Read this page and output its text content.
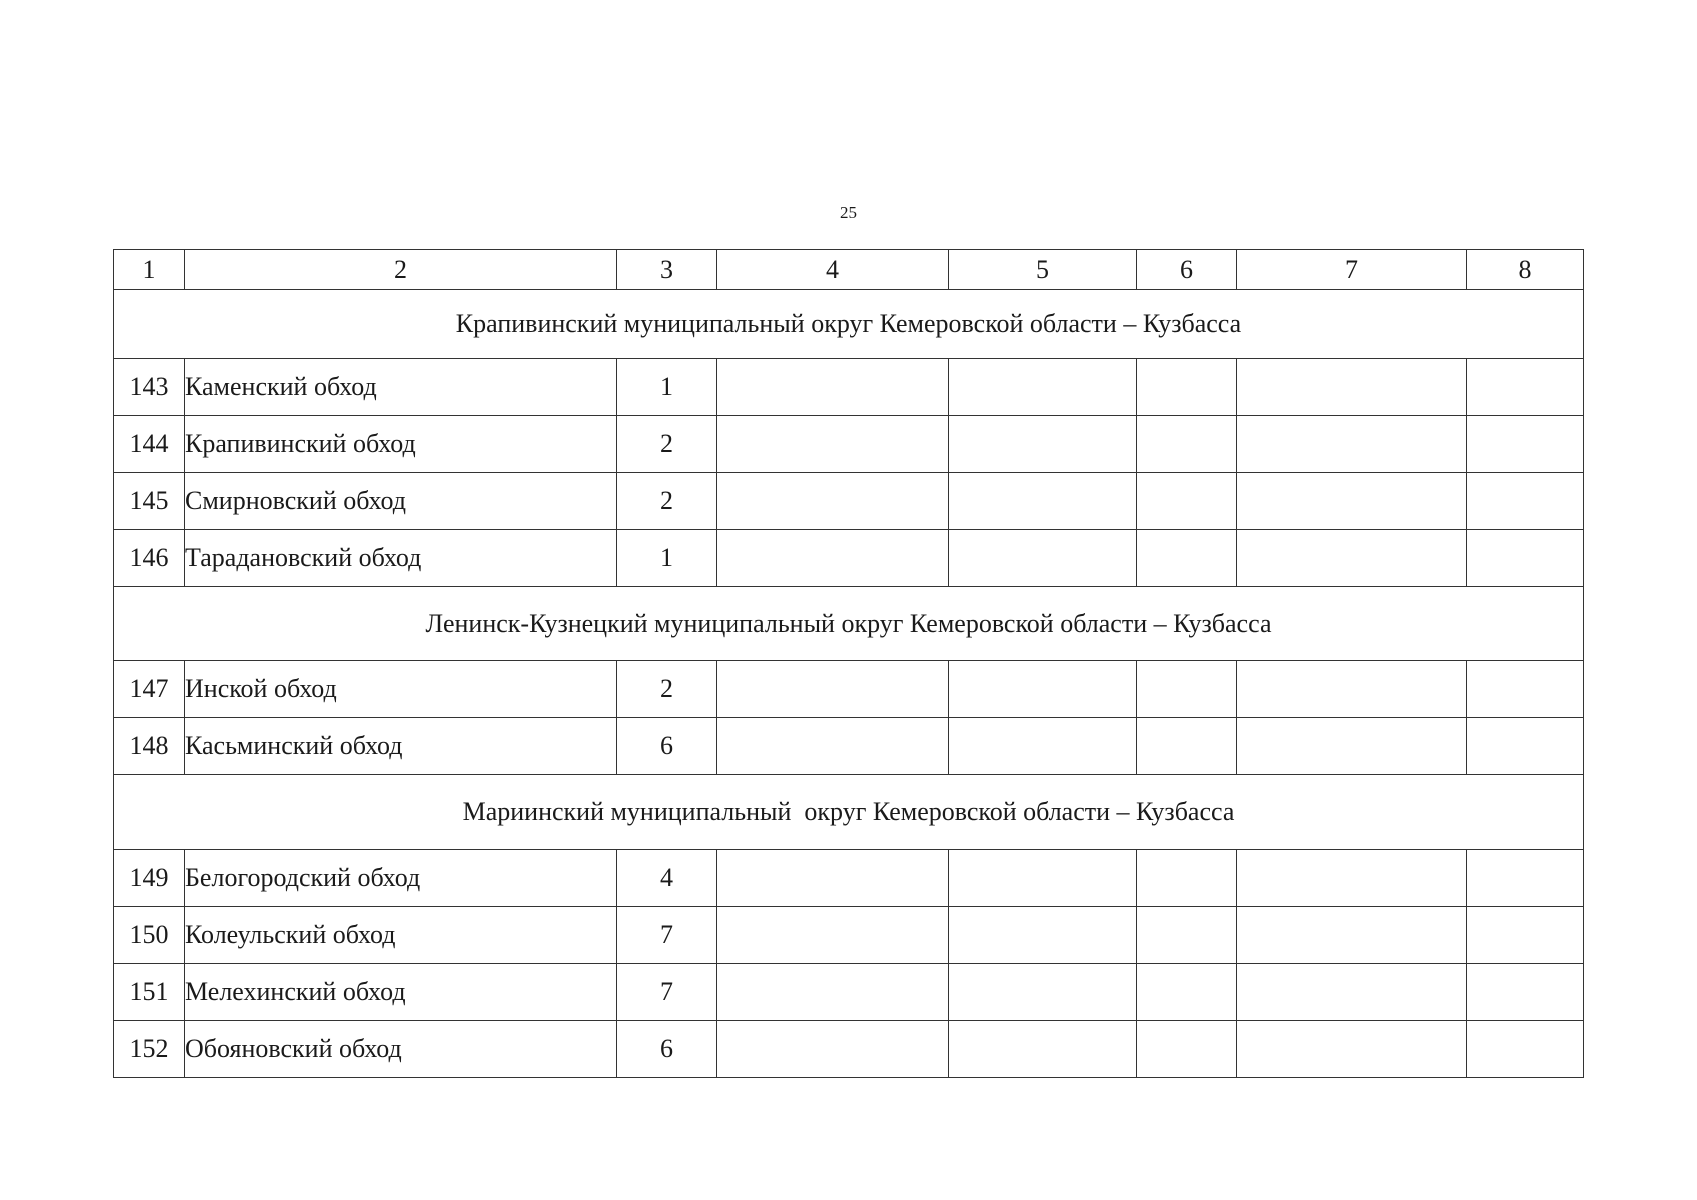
25
1	2	3	4	5	6	7	8
Крапивинский муниципальный округ Кемеровской области – Кузбасса							
143	Каменский обход	1					
144	Крапивинский обход	2					
145	Смирновский обход	2					
146	Тарадановский обход	1					
Ленинск-Кузнецкий муниципальный округ Кемеровской области – Кузбасса							
147	Инской обход	2					
148	Касьминский обход	6					
Мариинский муниципальный  округ Кемеровской области – Кузбасса							
149	Белогородский обход	4					
150	Колеульский обход	7					
151	Мелехинский обход	7					
152	Обояновский обход	6					
